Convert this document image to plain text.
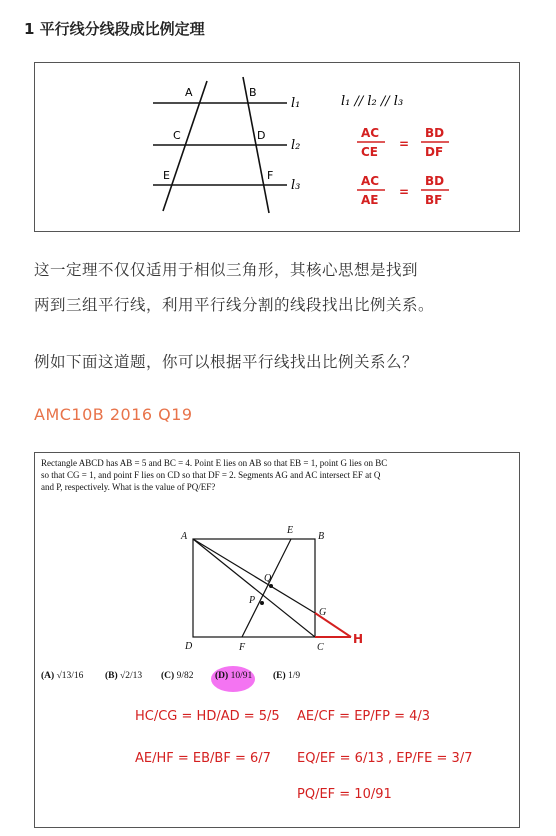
1 平行线分线段成比例定理
A	B
C	D
E	F
l₁
l₂
l₃
l₁ // l₂ // l₃
AC
CE
=
BD
DF
AC
AE
=
BD
BF
这一定理不仅仅适用于相似三角形，其核心思想是找到
两到三组平行线，利用平行线分割的线段找出比例关系。
例如下面这道题，你可以根据平行线找出比例关系么？
AMC10B 2016 Q19
Rectangle ABCD has AB = 5 and BC = 4. Point E lies on AB so that EB = 1, point G lies on BC
so that CG = 1, and point F lies on CD so that DF = 2. Segments AG and AC intersect EF at Q
and P, respectively. What is the value of PQ/EF?
A
E
B
Q
P
G
D	F	C
H
(A) √13/16 (B) √2/13 (C) 9/82 (D) 10/91 (E) 1/9
HC/CG = HD/AD = 5/5
AE/HF = EB/BF = 6/7
AE/CF = EP/FP = 4/3
EQ/EF = 6/13 , EP/FE = 3/7
PQ/EF = 10/91
